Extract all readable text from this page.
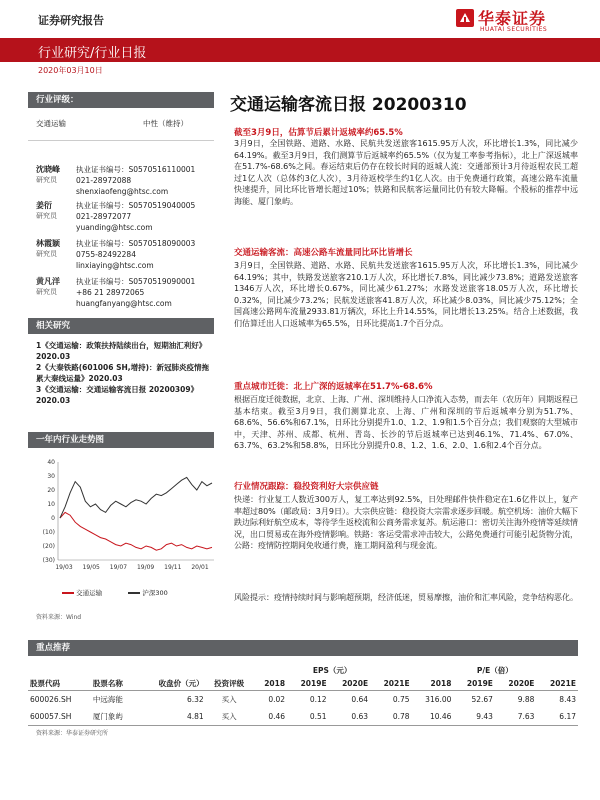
证券研究报告	华泰证券
HUATAI SECURITIES
行业研究/行业日报
2020年03月10日
行业评级：
交通运输	中性（维持）
沈晓峰
研究员
执业证书编号：S0570516110001
021-28972088
shenxiaofeng@htsc.com
姜衍
研究员
执业证书编号：S0570519040005
021-28972077
yuanding@htsc.com
林霞颖
研究员
执业证书编号：S0570518090003
0755-82492284
linxiaying@htsc.com
黄凡洋
研究员
执业证书编号：S0570519090001
+86 21 28972065
huangfanyang@htsc.com
相关研究
1《交通运输：政策扶持陆续出台，短期油汇利好》2020.03
2《大秦铁路(601006 SH,增持)：新冠肺炎疫情拖累大秦线运量》2020.03
3《交通运输：交通运输客流日报 20200309》2020.03
一年内行业走势图
(30)
(20)
(10)
0
10
20
30
40
19/03 19/05 19/07 19/09 19/11 20/01
交通运输	沪深300
资料来源：Wind
交通运输客流日报 20200310
截至3月9日，估算节后累计返城率约65.5%
3月9日，全国铁路、道路、水路、民航共发送旅客1615.95万人次，环比增长1.3%，同比减少64.19%。截至3月9日，我们测算节后返城率约65.5%（仅为复工率参考指标），北上广深返城率在51.7%-68.6%之间。春运结束后仍存在较长时间的返城人流：交通部预计3月待返程农民工超过1亿人次（总体约3亿人次），3月待返校学生约1亿人次。由于免费通行政策，高速公路车流量快速提升，同比环比皆增长超过10%；铁路和民航客运量同比仍有较大降幅。个股标的推荐中远海能、厦门象屿。
交通运输客流：高速公路车流量同比环比皆增长
3月9日，全国铁路、道路、水路、民航共发送旅客1615.95万人次，环比增长1.3%，同比减少64.19%；其中，铁路发送旅客210.1万人次，环比增长7.8%，同比减少73.8%；道路发送旅客1346万人次，环比增长0.67%，同比减少61.27%；水路发送旅客18.05万人次，环比增长0.32%，同比减少73.2%；民航发送旅客41.8万人次，环比减少8.03%，同比减少75.12%；全国高速公路网车流量2933.81万辆次，环比上升14.55%，同比增长13.25%。结合上述数据，我们估算迁出人口返城率为65.5%，日环比提高1.7个百分点。
重点城市迁徙：北上广深的返城率在51.7%-68.6%
根据百度迁徙数据，北京、上海、广州、深圳维持人口净流入态势，而去年（农历年）同期返程已基本结束。截至3月9日，我们测算北京、上海、广州和深圳的节后返城率分别为51.7%、68.6%、56.6%和67.1%，日环比分别提升1.0、1.2、1.9和1.5个百分点；我们观察的大型城市中，天津、苏州、成都、杭州、青岛、长沙的节后返城率已达到46.1%、71.4%、67.0%、63.7%、63.2%和58.8%，日环比分别提升0.8、1.2、1.6、2.0、1.6和2.4个百分点。
行业情况跟踪：稳投资利好大宗供应链
快递：行业复工人数近300万人，复工率达到92.5%，日处理邮件快件稳定在1.6亿件以上，复产率超过80%（邮政局：3月9日）。大宗供应链：稳投资大宗需求逐步回暖。航空机场：油价大幅下跌边际利好航空成本，等待学生返校流和公商务需求复苏。航运港口：密切关注海外疫情等延续情况，出口贸易或在海外疫情影响。铁路：客运受需求冲击较大，公路免费通行可能引起货物分流，公路：疫情防控期间免收通行费，施工期间盈利与现金流。
风险提示：疫情持续时间与影响超预期，经济低迷，贸易摩擦，油价和汇率风险，竞争结构恶化。
重点推荐
				EPS（元）				P/E（倍）			
股票代码	股票名称	收盘价（元）	投资评级	2018	2019E	2020E	2021E	2018	2019E	2020E	2021E
600026.SH	中远海能	6.32	买入	0.02	0.12	0.64	0.75	316.00	52.67	9.88	8.43
600057.SH	厦门象屿	4.81	买入	0.46	0.51	0.63	0.78	10.46	9.43	7.63	6.17
资料来源：华泰证券研究所
